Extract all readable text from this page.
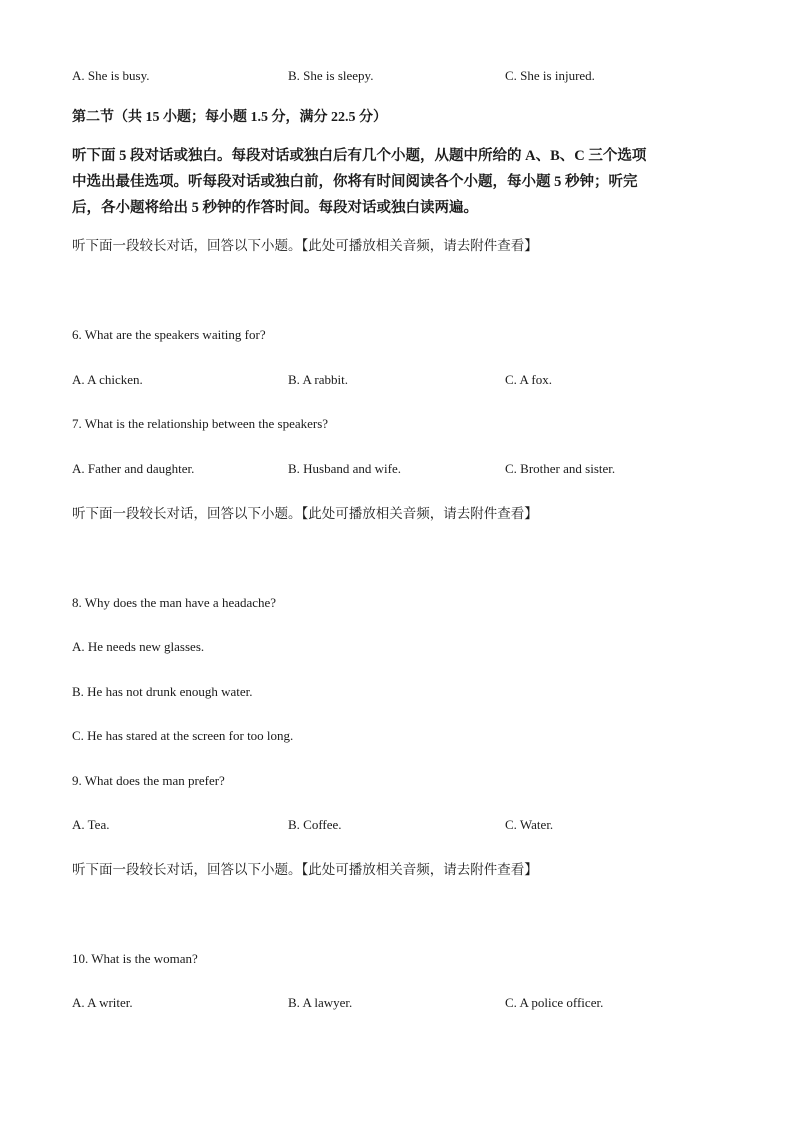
A. She is busy.	B. She is sleepy.	C. She is injured.
第二节（共 15 小题；每小题 1.5 分，满分 22.5 分）

听下面 5 段对话或独白。每段对话或独白后有几个小题，从题中所给的 A、B、C 三个选项

中选出最佳选项。听每段对话或独白前，你将有时间阅读各个小题，每小题 5 秒钟；听完

后，各小题将给出 5 秒钟的作答时间。每段对话或独白读两遍。

听下面一段较长对话，回答以下小题。【此处可播放相关音频，请去附件查看】
6. What are the speakers waiting for?
A. A chicken.	B. A rabbit.	C. A fox.
7. What is the relationship between the speakers?
A. Father and daughter.	B. Husband and wife.	C. Brother and sister.
听下面一段较长对话，回答以下小题。【此处可播放相关音频，请去附件查看】
8. Why does the man have a headache?
A. He needs new glasses.
B. He has not drunk enough water.
C. He has stared at the screen for too long.
9. What does the man prefer?
A. Tea.	B. Coffee.	C. Water.
听下面一段较长对话，回答以下小题。【此处可播放相关音频，请去附件查看】
10. What is the woman?
A. A writer.	B. A lawyer.	C. A police officer.
